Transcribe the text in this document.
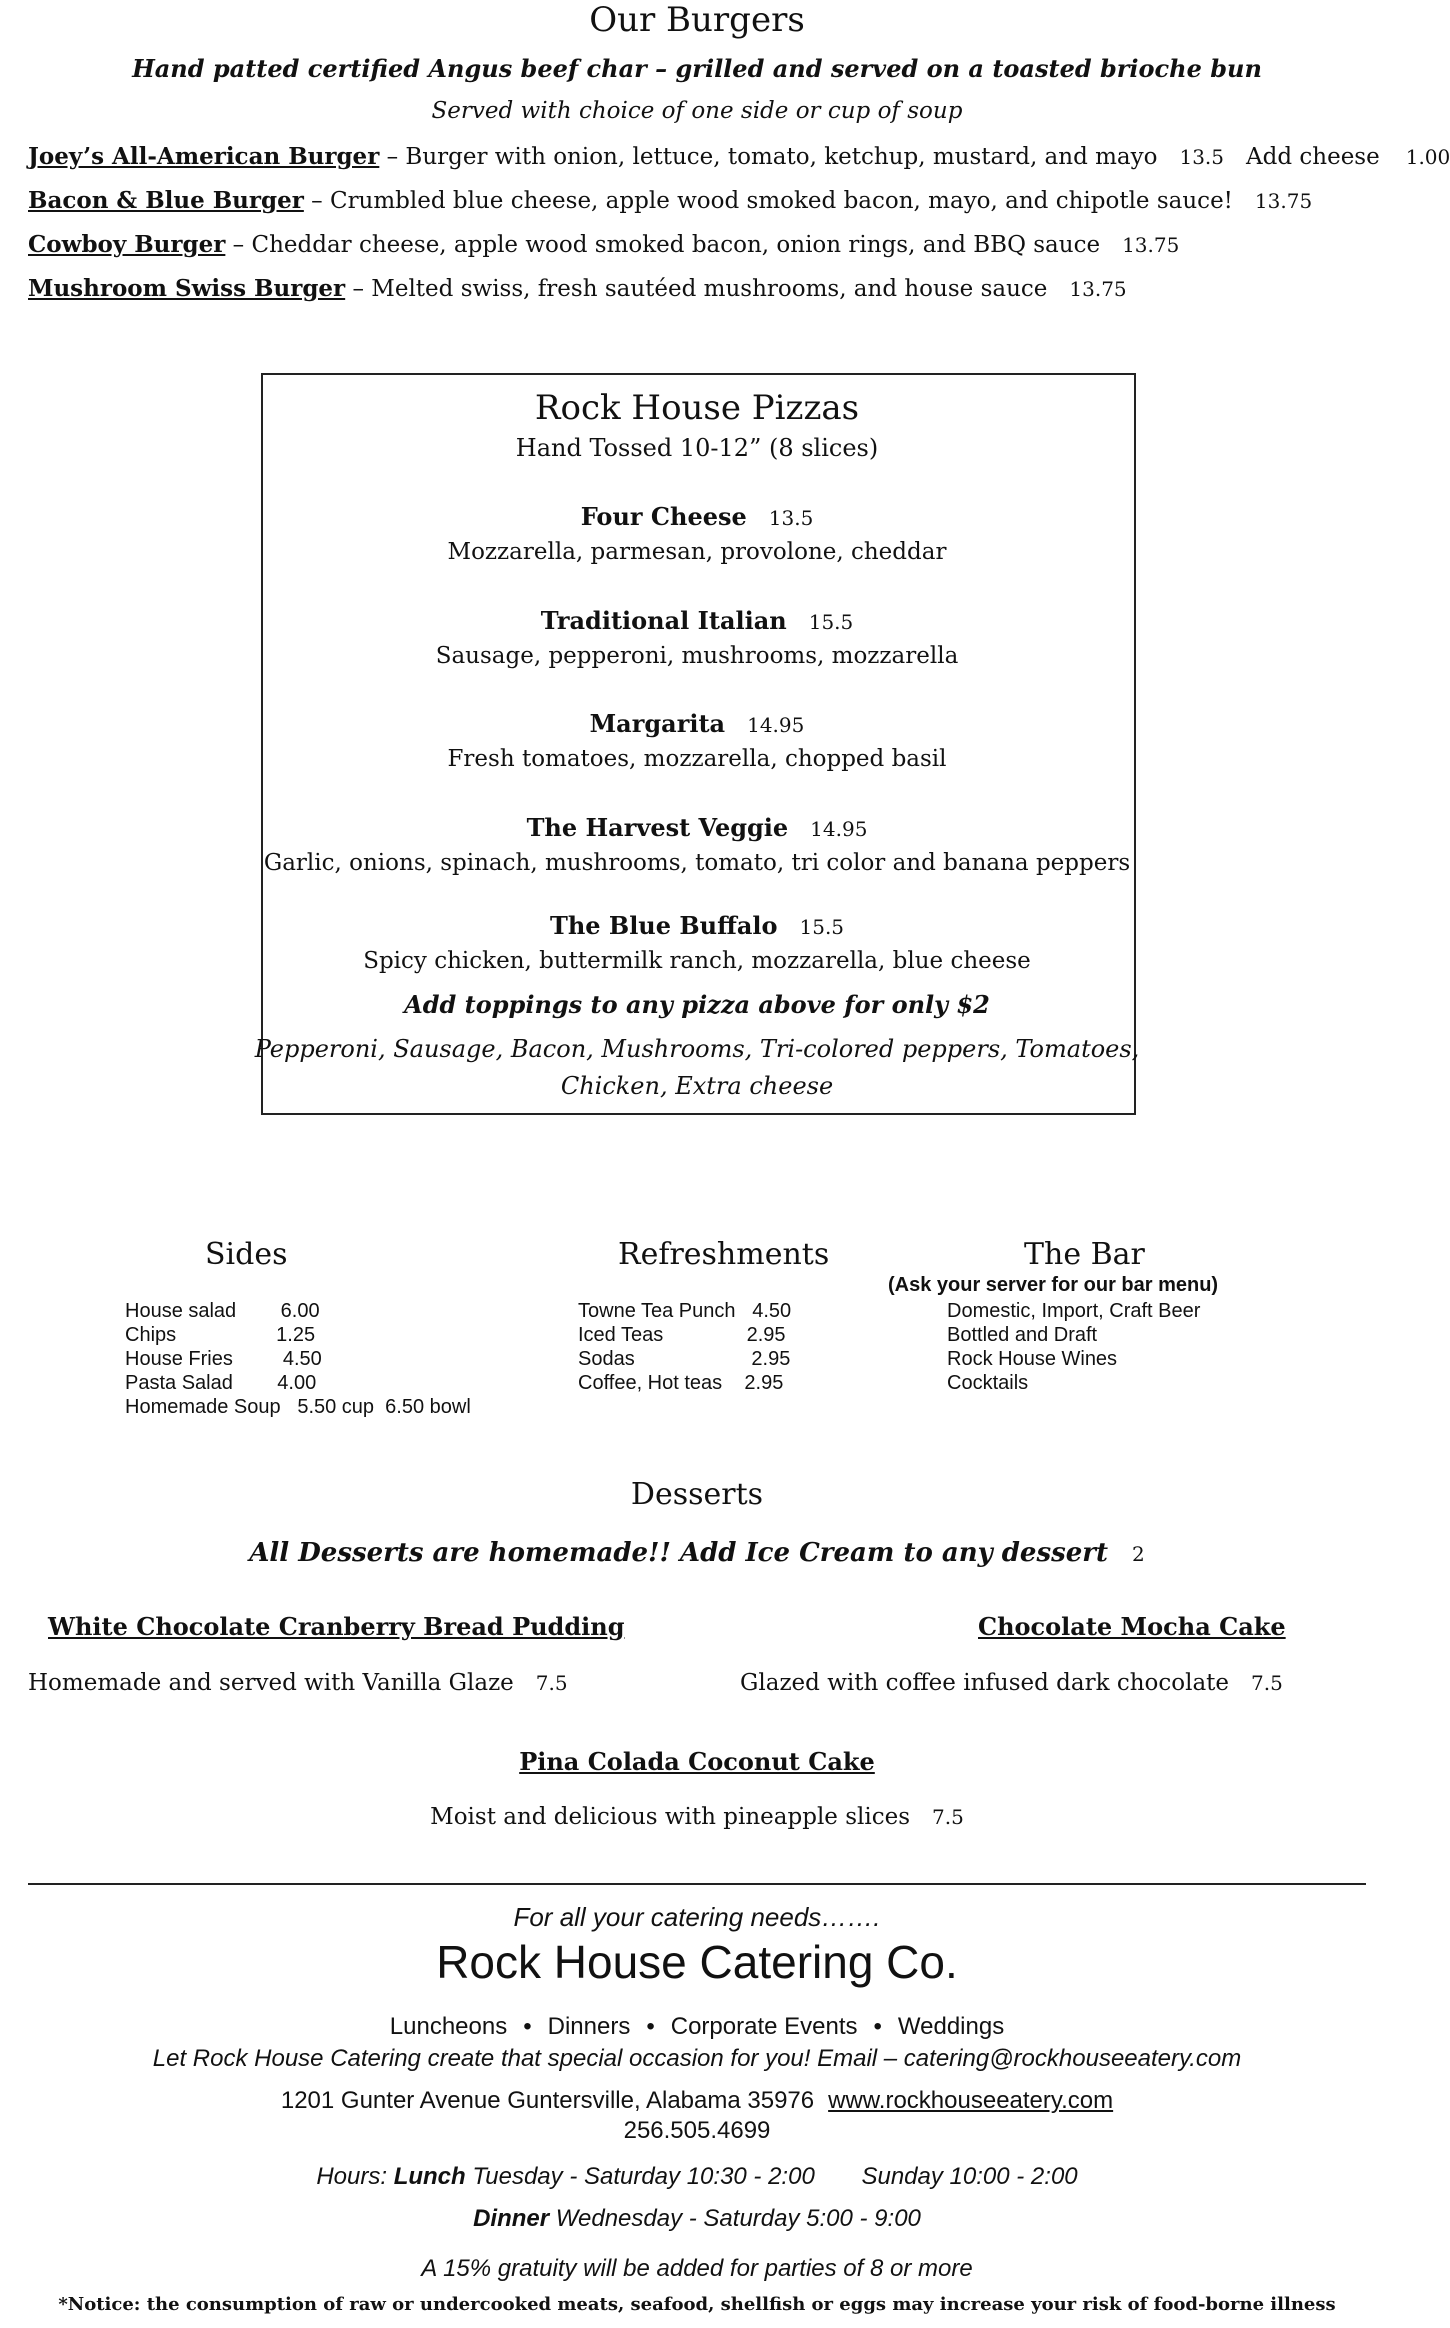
Our Burgers
Hand patted certified Angus beef char – grilled and served on a toasted brioche bun
Served with choice of one side or cup of soup
Joey’s All-American Burger – Burger with onion, lettuce, tomato, ketchup, mustard, and mayo 13.5 Add cheese 1.00
Bacon & Blue Burger – Crumbled blue cheese, apple wood smoked bacon, mayo, and chipotle sauce! 13.75
Cowboy Burger – Cheddar cheese, apple wood smoked bacon, onion rings, and BBQ sauce 13.75
Mushroom Swiss Burger – Melted swiss, fresh sautéed mushrooms, and house sauce 13.75
Rock House Pizzas
Hand Tossed 10-12” (8 slices)
Four Cheese 13.5
Mozzarella, parmesan, provolone, cheddar
Traditional Italian 15.5
Sausage, pepperoni, mushrooms, mozzarella
Margarita 14.95
Fresh tomatoes, mozzarella, chopped basil
The Harvest Veggie 14.95
Garlic, onions, spinach, mushrooms, tomato, tri color and banana peppers
The Blue Buffalo 15.5
Spicy chicken, buttermilk ranch, mozzarella, blue cheese
Add toppings to any pizza above for only $2
Pepperoni, Sausage, Bacon, Mushrooms, Tri-colored peppers, Tomatoes,
Chicken, Extra cheese
Sides
House salad        6.00
Chips                  1.25
House Fries         4.50
Pasta Salad        4.00
Homemade Soup   5.50 cup  6.50 bowl
Refreshments
Towne Tea Punch   4.50
Iced Teas               2.95
Sodas                     2.95
Coffee, Hot teas    2.95
The Bar
(Ask your server for our bar menu)
Domestic, Import, Craft Beer
Bottled and Draft
Rock House Wines
Cocktails
Desserts
All Desserts are homemade!! Add Ice Cream to any dessert 2
White Chocolate Cranberry Bread Pudding
Homemade and served with Vanilla Glaze 7.5
Chocolate Mocha Cake
Glazed with coffee infused dark chocolate 7.5
Pina Colada Coconut Cake
Moist and delicious with pineapple slices 7.5
For all your catering needs…….
Rock House Catering Co.
Luncheons • Dinners • Corporate Events • Weddings
Let Rock House Catering create that special occasion for you! Email – catering@rockhouseeatery.com
1201 Gunter Avenue Guntersville, Alabama 35976 www.rockhouseeatery.com
256.505.4699
Hours: Lunch Tuesday - Saturday 10:30 - 2:00 Sunday 10:00 - 2:00
Dinner Wednesday - Saturday 5:00 - 9:00
A 15% gratuity will be added for parties of 8 or more
*Notice: the consumption of raw or undercooked meats, seafood, shellfish or eggs may increase your risk of food-borne illness
